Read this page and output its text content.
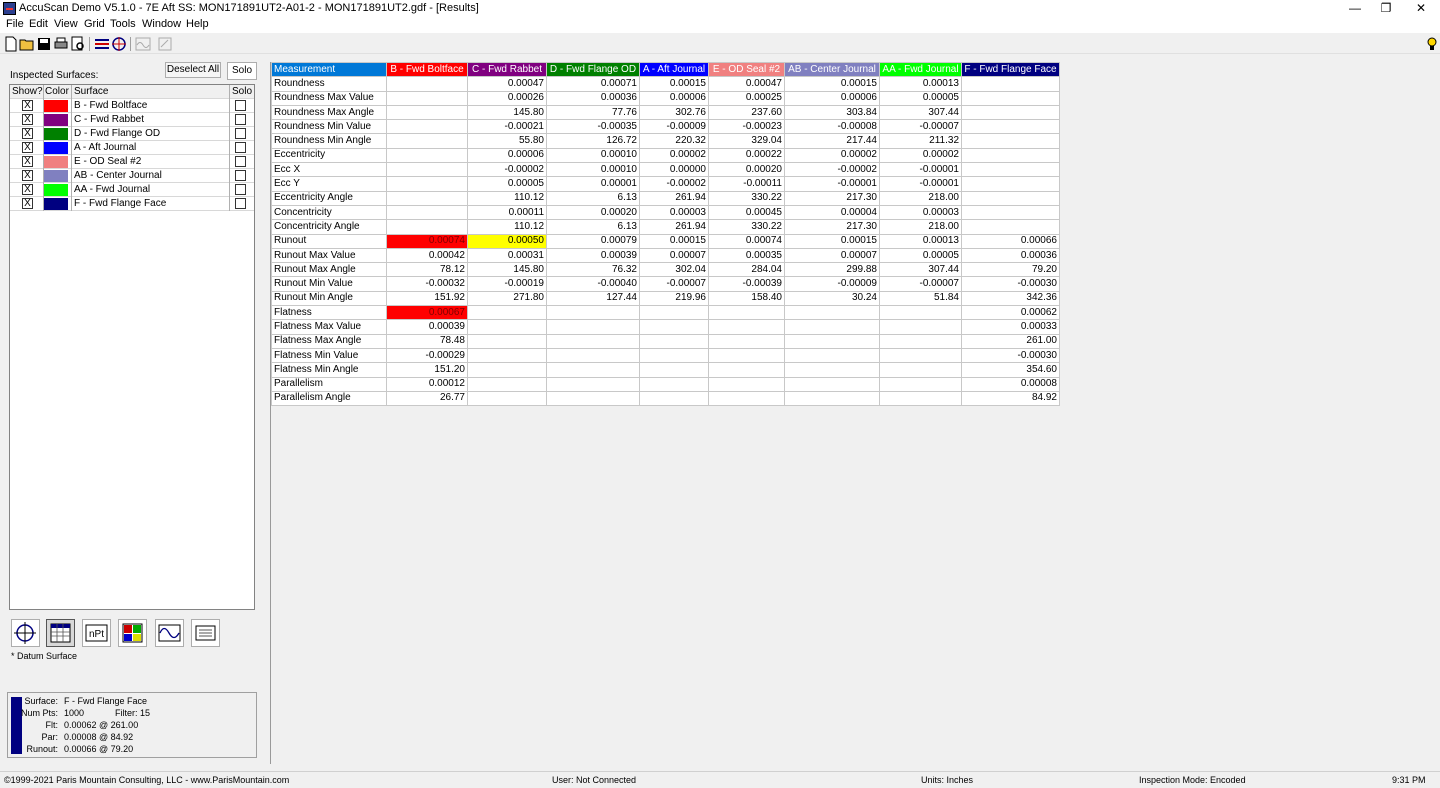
AccuScan Demo V5.1.0 - 7E Aft SS: MON171891UT2-A01-2 - MON171891UT2.gdf - [Results]	—	❐	✕
File Edit View Grid Tools Window Help
Inspected Surfaces:
Deselect All	Solo
Show? Color Surface	Solo
X	B - Fwd Boltface
X	C - Fwd Rabbet
X	D - Fwd Flange OD
X	A - Aft Journal
X	E - OD Seal #2
X	AB - Center Journal
X	AA - Fwd Journal
X	F - Fwd Flange Face
nPt
* Datum Surface
Surface: F - Fwd Flange Face
Num Pts: 1000	Filter: 15
Flt: 0.00062 @ 261.00
Par: 0.00008 @ 84.92
Runout: 0.00066 @ 79.20
Measurement	B - Fwd Boltface	C - Fwd Rabbet	D - Fwd Flange OD	A - Aft Journal	E - OD Seal #2	AB - Center Journal	AA - Fwd Journal	F - Fwd Flange Face
Roundness		0.00047	0.00071	0.00015	0.00047	0.00015	0.00013	
Roundness Max Value		0.00026	0.00036	0.00006	0.00025	0.00006	0.00005	
Roundness Max Angle		145.80	77.76	302.76	237.60	303.84	307.44	
Roundness Min Value		-0.00021	-0.00035	-0.00009	-0.00023	-0.00008	-0.00007	
Roundness Min Angle		55.80	126.72	220.32	329.04	217.44	211.32	
Eccentricity		0.00006	0.00010	0.00002	0.00022	0.00002	0.00002	
Ecc X		-0.00002	0.00010	0.00000	0.00020	-0.00002	-0.00001	
Ecc Y		0.00005	0.00001	-0.00002	-0.00011	-0.00001	-0.00001	
Eccentricity Angle		110.12	6.13	261.94	330.22	217.30	218.00	
Concentricity		0.00011	0.00020	0.00003	0.00045	0.00004	0.00003	
Concentricity Angle		110.12	6.13	261.94	330.22	217.30	218.00	
Runout	0.00074	0.00050	0.00079	0.00015	0.00074	0.00015	0.00013	0.00066
Runout Max Value	0.00042	0.00031	0.00039	0.00007	0.00035	0.00007	0.00005	0.00036
Runout Max Angle	78.12	145.80	76.32	302.04	284.04	299.88	307.44	79.20
Runout Min Value	-0.00032	-0.00019	-0.00040	-0.00007	-0.00039	-0.00009	-0.00007	-0.00030
Runout Min Angle	151.92	271.80	127.44	219.96	158.40	30.24	51.84	342.36
Flatness	0.00067							0.00062
Flatness Max Value	0.00039							0.00033
Flatness Max Angle	78.48							261.00
Flatness Min Value	-0.00029							-0.00030
Flatness Min Angle	151.20							354.60
Parallelism	0.00012							0.00008
Parallelism Angle	26.77							84.92
©1999-2021 Paris Mountain Consulting, LLC - www.ParisMountain.com	User: Not Connected	Units: Inches	Inspection Mode: Encoded	9:31 PM
